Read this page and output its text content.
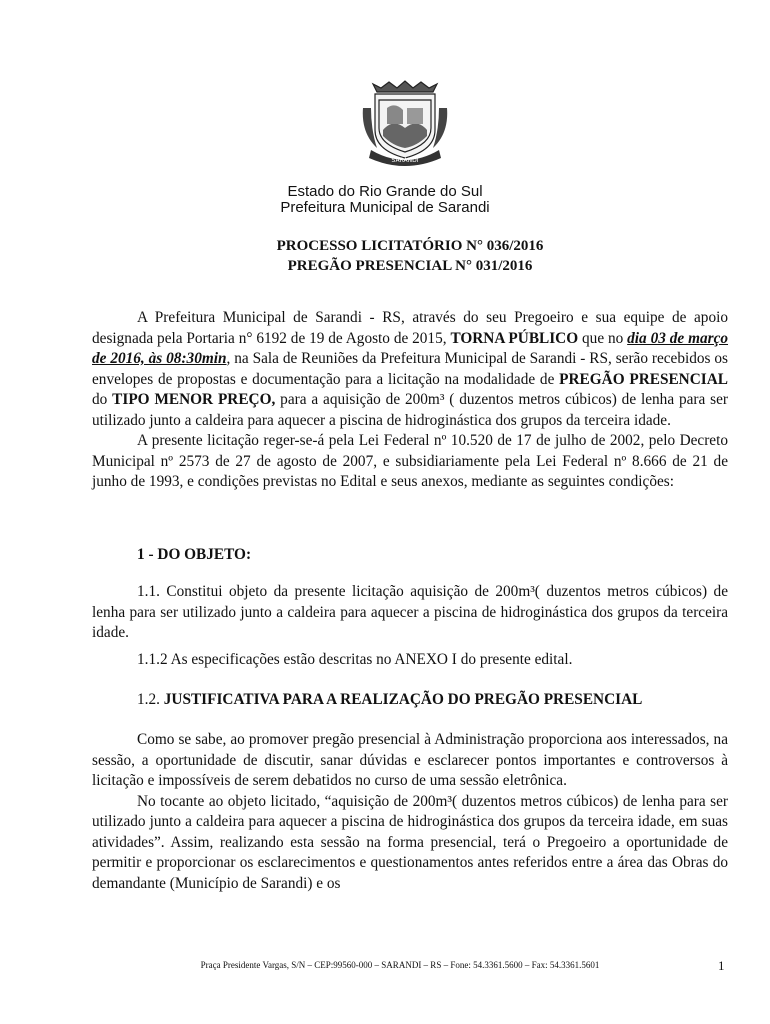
SARANDI
Estado do Rio Grande do Sul
Prefeitura Municipal de Sarandi
PROCESSO LICITATÓRIO N° 036/2016
PREGÃO PRESENCIAL N° 031/2016

A Prefeitura Municipal de Sarandi - RS, através do seu Pregoeiro e sua equipe de apoio designada pela Portaria n° 6192 de 19 de Agosto de 2015, TORNA PÚBLICO que no dia 03 de março de 2016, às 08:30min, na Sala de Reuniões da Prefeitura Municipal de Sarandi - RS, serão recebidos os envelopes de propostas e documentação para a licitação na modalidade de PREGÃO PRESENCIAL do TIPO MENOR PREÇO, para a aquisição de 200m³ ( duzentos metros cúbicos) de lenha para ser utilizado junto a caldeira para aquecer a piscina de hidroginástica dos grupos da terceira idade.

A presente licitação reger-se-á pela Lei Federal nº 10.520 de 17 de julho de 2002, pelo Decreto Municipal nº 2573 de 27 de agosto de 2007, e subsidiariamente pela Lei Federal nº 8.666 de 21 de junho de 1993, e condições previstas no Edital e seus anexos, mediante as seguintes condições:

1 - DO OBJETO:

1.1. Constitui objeto da presente licitação aquisição de 200m³( duzentos metros cúbicos) de lenha para ser utilizado junto a caldeira para aquecer a piscina de hidroginástica dos grupos da terceira idade.

1.1.2 As especificações estão descritas no ANEXO I do presente edital.

1.2. JUSTIFICATIVA PARA A REALIZAÇÃO DO PREGÃO PRESENCIAL

Como se sabe, ao promover pregão presencial à Administração proporciona aos interessados, na sessão, a oportunidade de discutir, sanar dúvidas e esclarecer pontos importantes e controversos à licitação e impossíveis de serem debatidos no curso de uma sessão eletrônica.

No tocante ao objeto licitado, “aquisição de 200m³( duzentos metros cúbicos) de lenha para ser utilizado junto a caldeira para aquecer a piscina de hidroginástica dos grupos da terceira idade, em suas atividades”. Assim, realizando esta sessão na forma presencial, terá o Pregoeiro a oportunidade de permitir e proporcionar os esclarecimentos e questionamentos antes referidos entre a área das Obras do demandante (Município de Sarandi) e os

Praça Presidente Vargas, S/N – CEP:99560-000 – SARANDI – RS – Fone: 54.3361.5600 – Fax: 54.3361.5601	1
